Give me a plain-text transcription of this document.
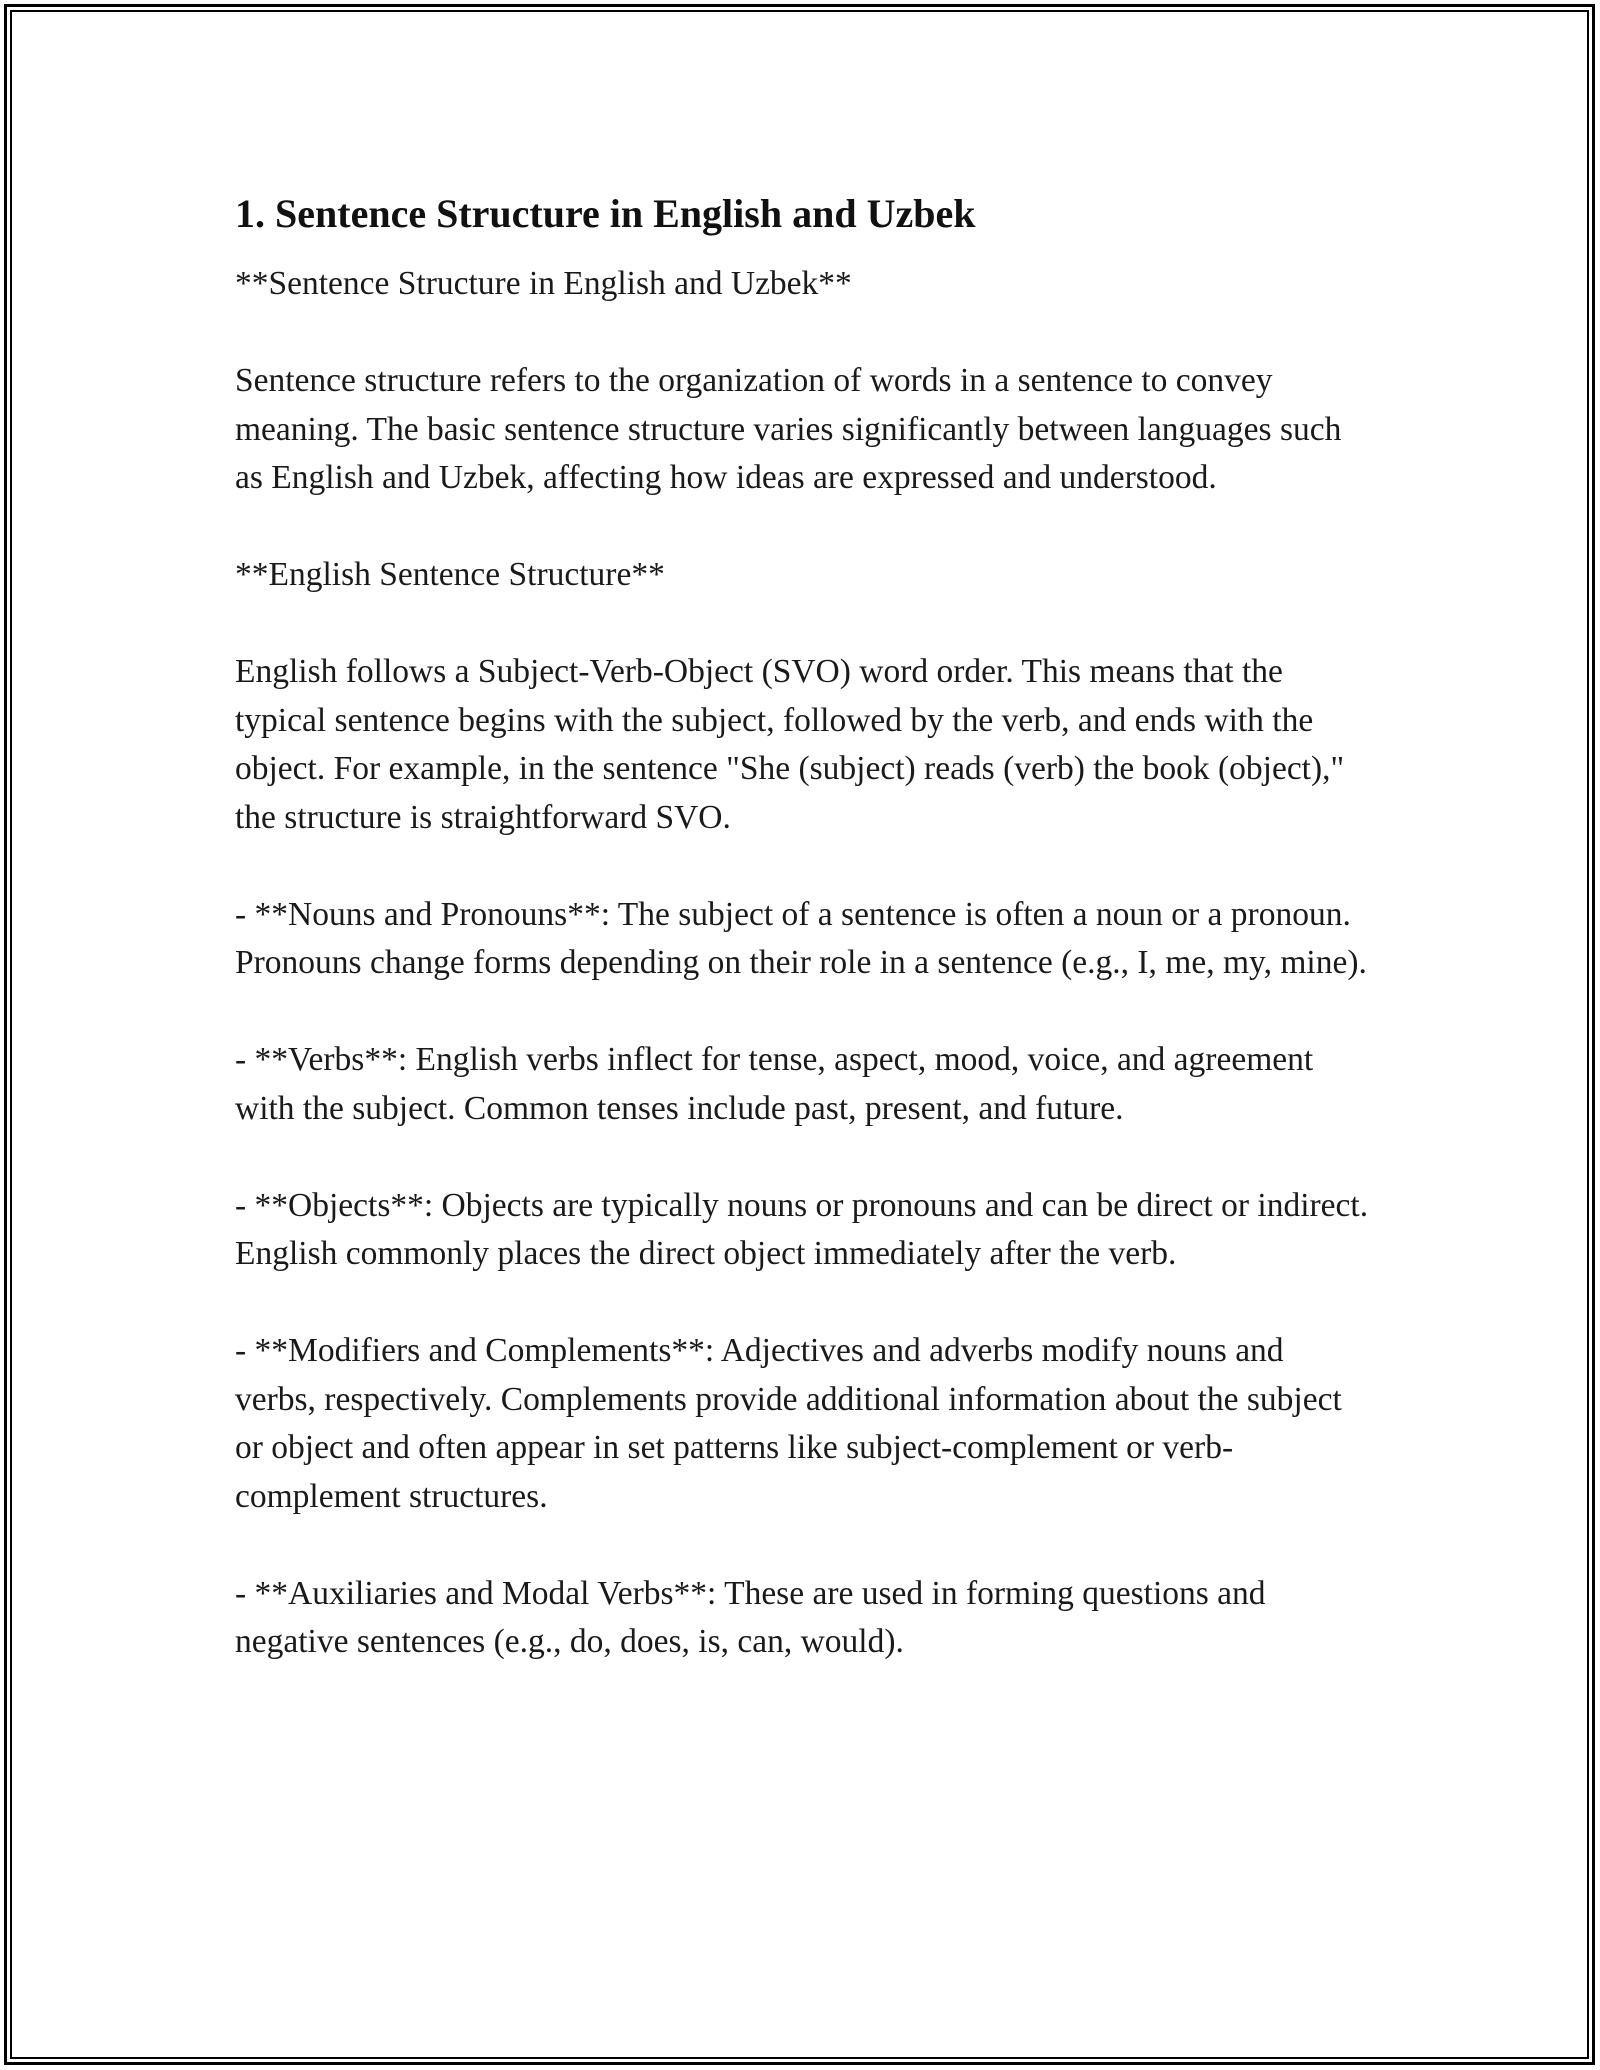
1. Sentence Structure in English and Uzbek

**Sentence Structure in English and Uzbek**

Sentence structure refers to the organization of words in a sentence to convey meaning. The basic sentence structure varies significantly between languages such as English and Uzbek, affecting how ideas are expressed and understood.

**English Sentence Structure**

English follows a Subject-Verb-Object (SVO) word order. This means that the typical sentence begins with the subject, followed by the verb, and ends with the object. For example, in the sentence "She (subject) reads (verb) the book (object)," the structure is straightforward SVO.

- **Nouns and Pronouns**: The subject of a sentence is often a noun or a pronoun. Pronouns change forms depending on their role in a sentence (e.g., I, me, my, mine).

- **Verbs**: English verbs inflect for tense, aspect, mood, voice, and agreement with the subject. Common tenses include past, present, and future.

- **Objects**: Objects are typically nouns or pronouns and can be direct or indirect. English commonly places the direct object immediately after the verb.

- **Modifiers and Complements**: Adjectives and adverbs modify nouns and verbs, respectively. Complements provide additional information about the subject or object and often appear in set patterns like subject-complement or verb-complement structures.

- **Auxiliaries and Modal Verbs**: These are used in forming questions and negative sentences (e.g., do, does, is, can, would).
